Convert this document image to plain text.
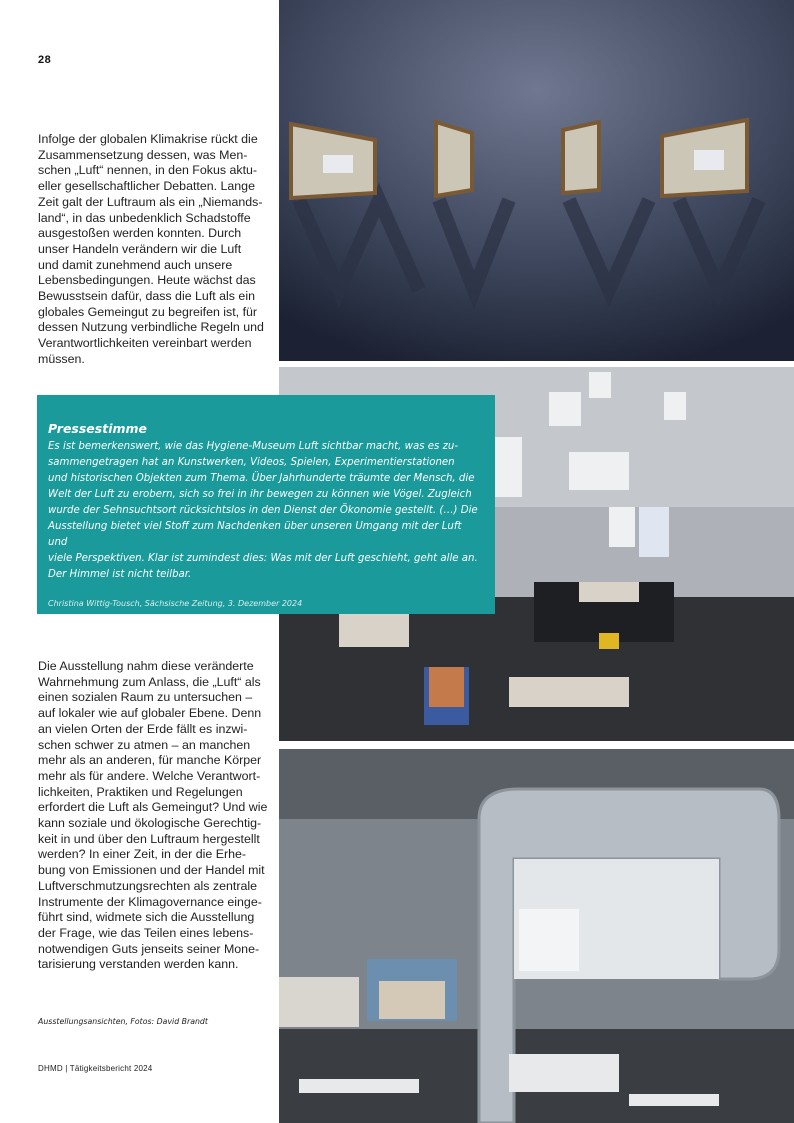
28

Infolge der globalen Klimakrise rückt die
Zusammensetzung dessen, was Men-
schen „Luft“ nennen, in den Fokus aktu-
eller gesellschaftlicher Debatten. Lange
Zeit galt der Luftraum als ein „Niemands-
land“, in das unbedenklich Schadstoffe
ausgestoßen werden konnten. Durch
unser Handeln verändern wir die Luft
und damit zunehmend auch unsere
Lebensbedingungen. Heute wächst das
Bewusstsein dafür, dass die Luft als ein
globales Gemeingut zu begreifen ist, für
dessen Nutzung verbindliche Regeln und
Verantwortlichkeiten vereinbart werden
müssen.

Pressestimme

Es ist bemerkenswert, wie das Hygiene-Museum Luft sichtbar macht, was es zu-
sammengetragen hat an Kunstwerken, Videos, Spielen, Experimentierstationen
und historischen Objekten zum Thema. Über Jahrhunderte träumte der Mensch, die
Welt der Luft zu erobern, sich so frei in ihr bewegen zu können wie Vögel. Zugleich
wurde der Sehnsuchtsort rücksichtslos in den Dienst der Ökonomie gestellt. (…) Die
Ausstellung bietet viel Stoff zum Nachdenken über unseren Umgang mit der Luft und
viele Perspektiven. Klar ist zumindest dies: Was mit der Luft geschieht, geht alle an.
Der Himmel ist nicht teilbar.

Christina Wittig-Tousch, Sächsische Zeitung, 3. Dezember 2024

Die Ausstellung nahm diese veränderte
Wahrnehmung zum Anlass, die „Luft“ als
einen sozialen Raum zu untersuchen –
auf lokaler wie auf globaler Ebene. Denn
an vielen Orten der Erde fällt es inzwi-
schen schwer zu atmen – an manchen
mehr als an anderen, für manche Körper
mehr als für andere. Welche Verantwort-
lichkeiten, Praktiken und Regelungen
erfordert die Luft als Gemeingut? Und wie
kann soziale und ökologische Gerechtig-
keit in und über den Luftraum hergestellt
werden? In einer Zeit, in der die Erhe-
bung von Emissionen und der Handel mit
Luftverschmutzungsrechten als zentrale
Instrumente der Klimagovernance einge-
führt sind, widmete sich die Ausstellung
der Frage, wie das Teilen eines lebens-
notwendigen Guts jenseits seiner Mone-
tarisierung verstanden werden kann.

Ausstellungsansichten, Fotos: David Brandt
DHMD | Tätigkeitsbericht 2024
